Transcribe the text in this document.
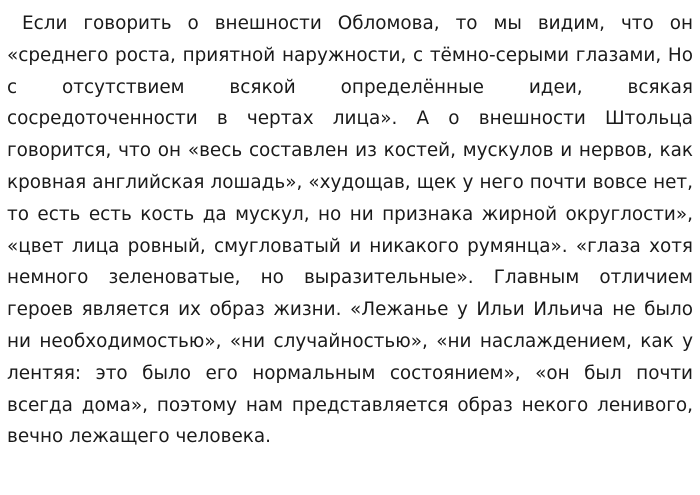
Если говорить о внешности Обломова, то мы видим, что он «среднего роста, приятной наружности, с тёмно-серыми глазами, Но с отсутствием всякой определённые идеи, всякая сосредоточенности в чертах лица». А о внешности Штольца говорится, что он «весь составлен из костей, мускулов и нервов, как кровная английская лошадь», «худощав, щек у него почти вовсе нет, то есть есть кость да мускул, но ни признака жирной округлости», «цвет лица ровный, смугловатый и никакого румянца». «глаза хотя немного зеленоватые, но выразительные». Главным отличием героев является их образ жизни. «Лежанье у Ильи Ильича не было ни необходимостью», «ни случайностью», «ни наслаждением, как у лентяя: это было его нормальным состоянием», «он был почти всегда дома», поэтому нам представляется образ некого ленивого, вечно лежащего человека.
